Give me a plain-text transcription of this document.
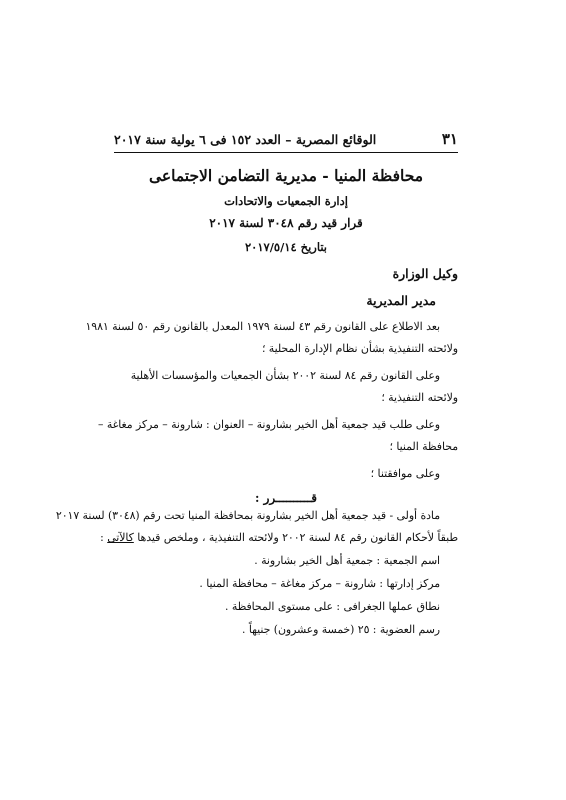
٣١
الوقائع المصرية – العدد ١٥٢ فى ٦ يولية سنة ٢٠١٧
محافظة المنيا - مديرية التضامن الاجتماعى
إدارة الجمعيات والاتحادات
قرار قيد رقم ٣٠٤٨ لسنة ٢٠١٧
بتاريخ ٢٠١٧/٥/١٤
وكيل الوزارة
مدير المديرية
بعد الاطلاع على القانون رقم ٤٣ لسنة ١٩٧٩ المعدل بالقانون رقم ٥٠ لسنة ١٩٨١
ولائحته التنفيذية بشأن نظام الإدارة المحلية ؛
وعلى القانون رقم ٨٤ لسنة ٢٠٠٢ بشأن الجمعيات والمؤسسات الأهلية
ولائحته التنفيذية ؛
وعلى طلب قيد جمعية أهل الخير بشارونة – العنوان : شارونة – مركز مغاغة –
محافظة المنيا ؛
وعلى موافقتنا ؛
قــــــــــرر :
مادة أولى - قيد جمعية أهل الخير بشارونة بمحافظة المنيا تحت رقم (٣٠٤٨) لسنة ٢٠١٧
طبقاً لأحكام القانون رقم ٨٤ لسنة ٢٠٠٢ ولائحته التنفيذية ، وملخص قيدها كالآتى :
اسم الجمعية : جمعية أهل الخير بشارونة .
مركز إدارتها : شارونة – مركز مغاغة – محافظة المنيا .
نطاق عملها الجغرافى : على مستوى المحافظة .
رسم العضوية : ٢٥ (خمسة وعشرون) جنيهاً .
